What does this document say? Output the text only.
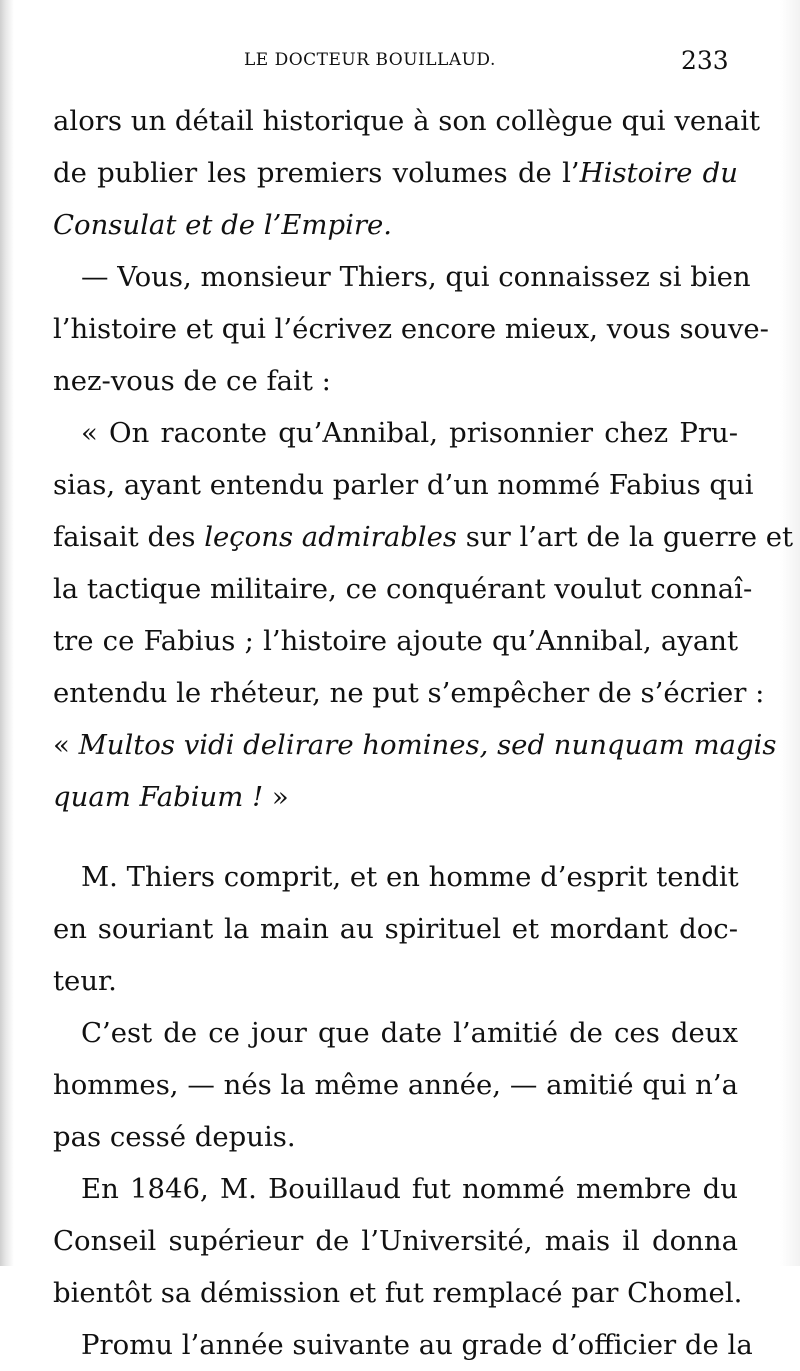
LE DOCTEUR BOUILLAUD.	233
alors un détail historique à son collègue qui venait
de publier les premiers volumes de l’Histoire du
Consulat et de l’Empire.
— Vous, monsieur Thiers, qui connaissez si bien
l’histoire et qui l’écrivez encore mieux, vous souve-
nez-vous de ce fait :
« On raconte qu’Annibal, prisonnier chez Pru-
sias, ayant entendu parler d’un nommé Fabius qui
faisait des leçons admirables sur l’art de la guerre et
la tactique militaire, ce conquérant voulut connaî-
tre ce Fabius ; l’histoire ajoute qu’Annibal, ayant
entendu le rhéteur, ne put s’empêcher de s’écrier :
« Multos vidi delirare homines, sed nunquam magis
quam Fabium ! »
M. Thiers comprit, et en homme d’esprit tendit
en souriant la main au spirituel et mordant doc-
teur.
C’est de ce jour que date l’amitié de ces deux
hommes, — nés la même année, — amitié qui n’a
pas cessé depuis.
En 1846, M. Bouillaud fut nommé membre du
Conseil supérieur de l’Université, mais il donna
bientôt sa démission et fut remplacé par Chomel.
Promu l’année suivante au grade d’officier de la
